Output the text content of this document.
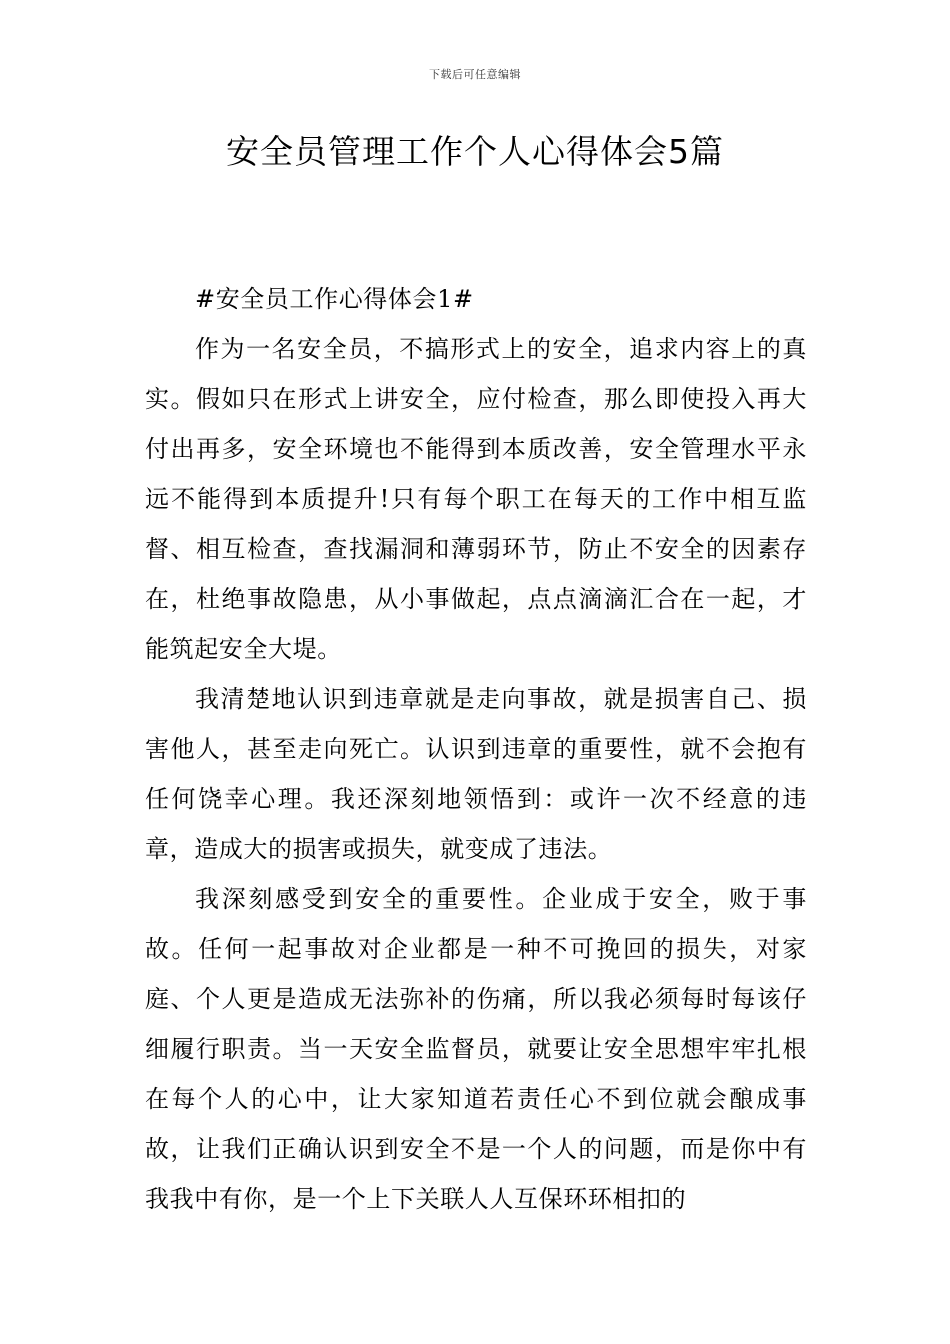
下载后可任意编辑
安全员管理工作个人心得体会5篇

#安全员工作心得体会1#

作为一名安全员，不搞形式上的安全，追求内容上的真实。假如只在形式上讲安全，应付检查，那么即使投入再大付出再多，安全环境也不能得到本质改善，安全管理水平永远不能得到本质提升!只有每个职工在每天的工作中相互监督、相互检查，查找漏洞和薄弱环节，防止不安全的因素存在，杜绝事故隐患，从小事做起，点点滴滴汇合在一起，才能筑起安全大堤。

我清楚地认识到违章就是走向事故，就是损害自己、损害他人，甚至走向死亡。认识到违章的重要性，就不会抱有任何饶幸心理。我还深刻地领悟到：或许一次不经意的违章，造成大的损害或损失，就变成了违法。

我深刻感受到安全的重要性。企业成于安全，败于事故。任何一起事故对企业都是一种不可挽回的损失，对家庭、个人更是造成无法弥补的伤痛，所以我必须每时每该仔细履行职责。当一天安全监督员，就要让安全思想牢牢扎根在每个人的心中，让大家知道若责任心不到位就会酿成事故，让我们正确认识到安全不是一个人的问题，而是你中有我我中有你，是一个上下关联人人互保环环相扣的
